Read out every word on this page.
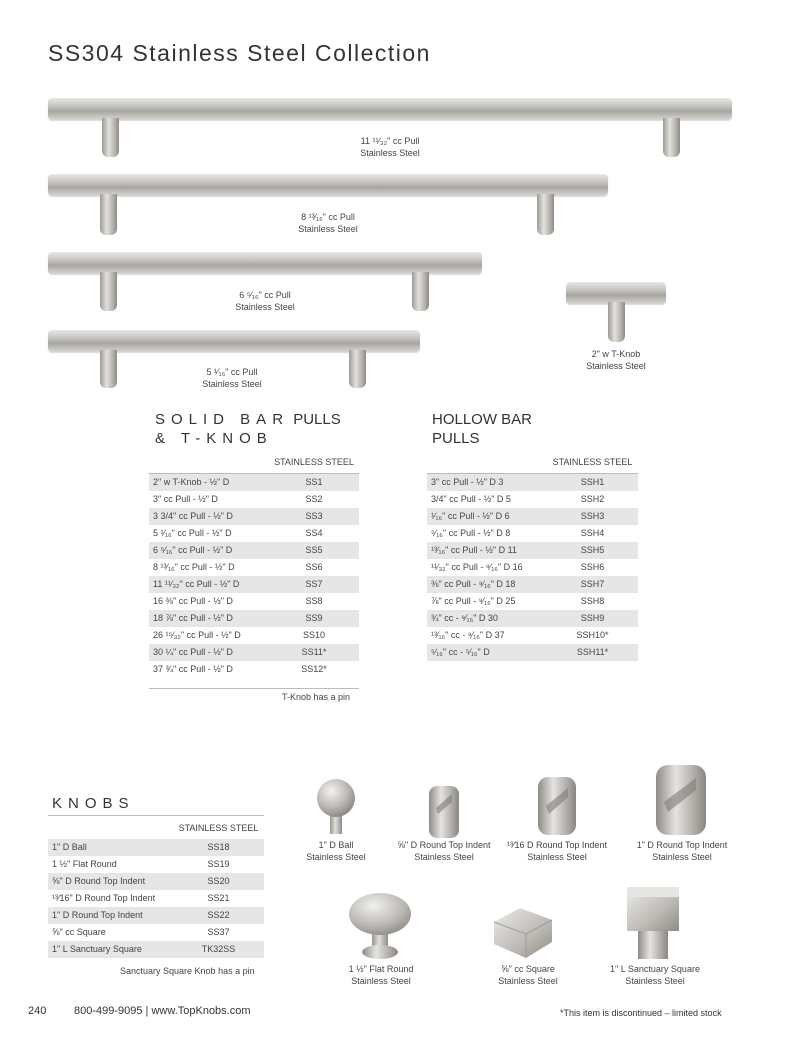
SS304 Stainless Steel Collection
11 ¹¹⁄₃₂" cc Pull
Stainless Steel
8 ¹³⁄₁₆" cc Pull
Stainless Steel
6 ⁵⁄₁₆" cc Pull
Stainless Steel
5 ¹⁄₁₆" cc Pull
Stainless Steel
2" w T-Knob
Stainless Steel
SOLID BAR PULLS
& T-KNOB
	STAINLESS STEEL
2" w T-Knob - ½" D	SS1
3" cc Pull - ½" D	SS2
3 3/4" cc Pull - ½" D	SS3
5 ¹⁄₁₆" cc Pull - ½" D	SS4
6 ⁵⁄₁₆" cc Pull - ½" D	SS5
8 ¹³⁄₁₆" cc Pull - ½" D	SS6
11 ¹¹⁄₃₂" cc Pull - ½" D	SS7
16 ⅜" cc Pull - ½" D	SS8
18 ⅞" cc Pull - ½" D	SS9
26 ¹⁵⁄₃₂" cc Pull - ½" D	SS10
30 ¼" cc Pull - ½" D	SS11*
37 ¾" cc Pull - ½" D	SS12*
T-Knob has a pin
HOLLOW BAR
PULLS
	STAINLESS STEEL
3" cc Pull - ½" D 3	SSH1
3/4" cc Pull - ½" D 5	SSH2
¹⁄₁₆" cc Pull - ½" D 6	SSH3
⁵⁄₁₆" cc Pull - ½" D 8	SSH4
¹³⁄₁₆" cc Pull - ½" D 11	SSH5
¹¹⁄₃₂" cc Pull - ⁹⁄₁₆" D 16	SSH6
⅜" cc Pull - ⁹⁄₁₆" D 18	SSH7
⅞" cc Pull - ⁹⁄₁₆" D 25	SSH8
¾" cc - ⁹⁄₁₆" D 30	SSH9
¹³⁄₁₆" cc - ⁹⁄₁₆" D 37	SSH10*
⁵⁄₁₆" cc - ⁵⁄₁₆" D	SSH11*
KNOBS
	STAINLESS STEEL
1" D Ball	SS18
1 ½" Flat Round	SS19
⅝" D Round Top Indent	SS20
¹³⁄16" D Round Top Indent	SS21
1" D Round Top Indent	SS22
⅝" cc Square	SS37
1" L Sanctuary Square	TK32SS
Sanctuary Square Knob has a pin
1" D Ball
Stainless Steel
⅝" D Round Top Indent
Stainless Steel
¹³⁄16 D Round Top Indent
Stainless Steel
1" D Round Top Indent
Stainless Steel
1 ½" Flat Round
Stainless Steel
⅝" cc Square
Stainless Steel
1" L Sanctuary Square
Stainless Steel
240	800-499-9095 | www.TopKnobs.com	*This item is discontinued – limited stock
